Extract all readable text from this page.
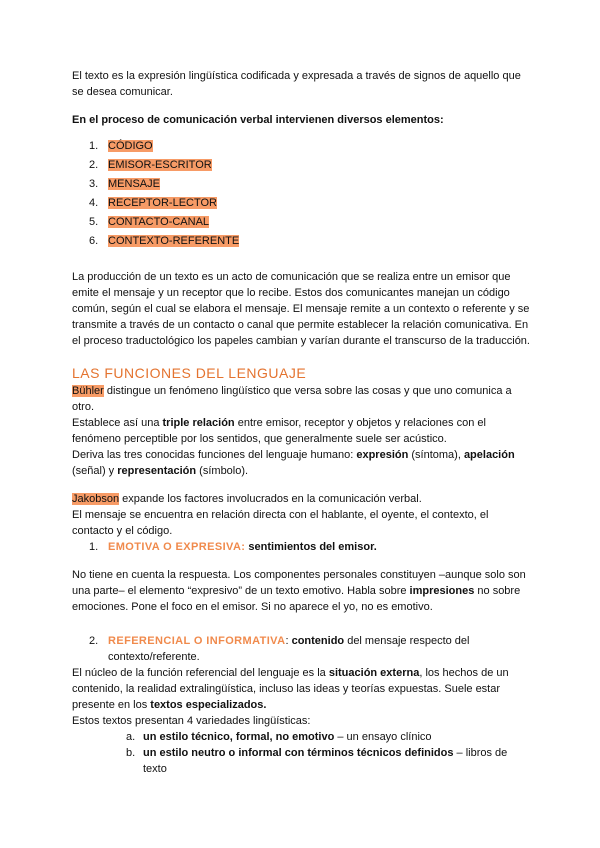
El texto es la expresión lingüística codificada y expresada a través de signos de aquello que se desea comunicar.

En el proceso de comunicación verbal intervienen diversos elementos:

1. CÓDIGO
2. EMISOR-ESCRITOR
3. MENSAJE
4. RECEPTOR-LECTOR
5. CONTACTO-CANAL
6. CONTEXTO-REFERENTE

La producción de un texto es un acto de comunicación que se realiza entre un emisor que emite el mensaje y un receptor que lo recibe. Estos dos comunicantes manejan un código común, según el cual se elabora el mensaje. El mensaje remite a un contexto o referente y se transmite a través de un contacto o canal que permite establecer la relación comunicativa. En el proceso traductológico los papeles cambian y varían durante el transcurso de la traducción.

LAS FUNCIONES DEL LENGUAJE

Bühler distingue un fenómeno lingüístico que versa sobre las cosas y que uno comunica a otro.

Establece así una triple relación entre emisor, receptor y objetos y relaciones con el fenómeno perceptible por los sentidos, que generalmente suele ser acústico.

Deriva las tres conocidas funciones del lenguaje humano: expresión (síntoma), apelación (señal) y representación (símbolo).

Jakobson expande los factores involucrados en la comunicación verbal.

El mensaje se encuentra en relación directa con el hablante, el oyente, el contexto, el contacto y el código.

1. EMOTIVA O EXPRESIVA: sentimientos del emisor.

No tiene en cuenta la respuesta. Los componentes personales constituyen –aunque solo son una parte– el elemento “expresivo” de un texto emotivo. Habla sobre impresiones no sobre emociones. Pone el foco en el emisor. Si no aparece el yo, no es emotivo.

2. REFERENCIAL O INFORMATIVA: contenido del mensaje respecto del contexto/referente.

El núcleo de la función referencial del lenguaje es la situación externa, los hechos de un contenido, la realidad extralingüística, incluso las ideas y teorías expuestas. Suele estar presente en los textos especializados.

Estos textos presentan 4 variedades lingüísticas:

a. un estilo técnico, formal, no emotivo – un ensayo clínico
b. un estilo neutro o informal con términos técnicos definidos – libros de texto
